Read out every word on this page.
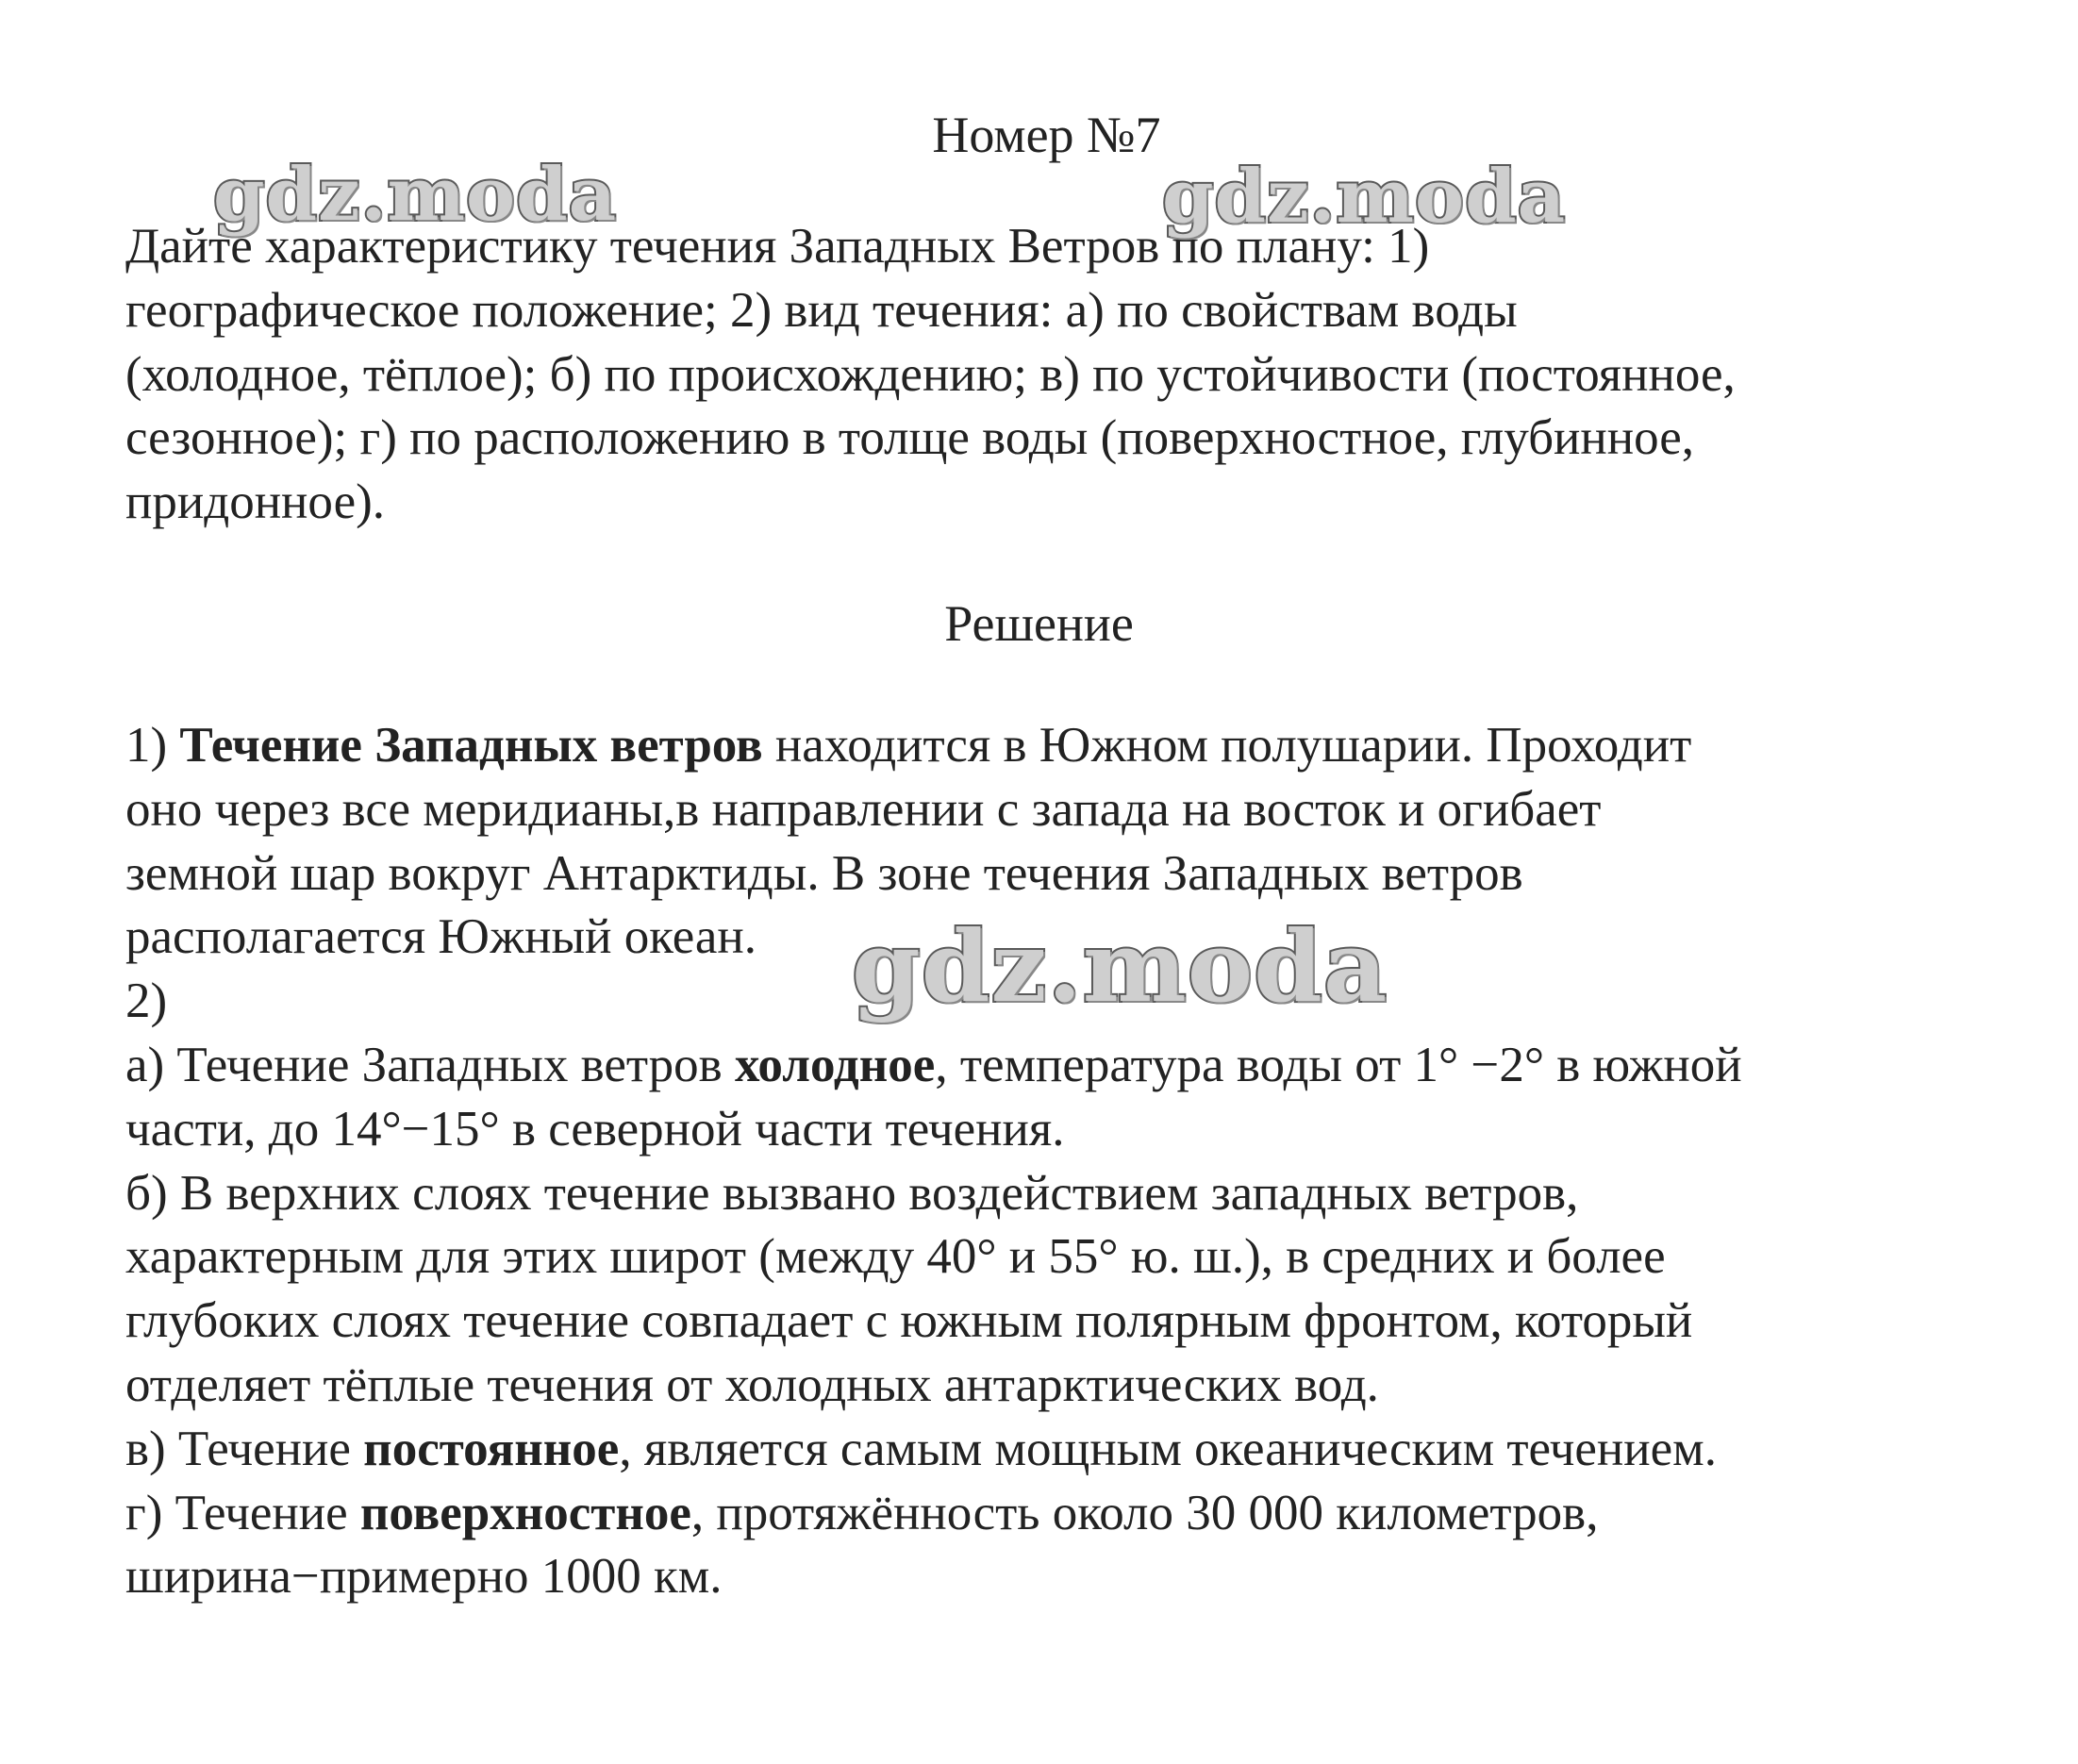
Номер №7
Дайте характеристику течения Западных Ветров по плану: 1)
географическое положение; 2) вид течения: а) по свойствам воды
(холодное, тёплое); б) по происхождению; в) по устойчивости (постоянное,
сезонное); г) по расположению в толще воды (поверхностное, глубинное,
придонное).
Решение
1) Течение Западных ветров находится в Южном полушарии. Проходит
оно через все меридианы,в направлении с запада на восток и огибает
земной шар вокруг Антарктиды. В зоне течения Западных ветров
располагается Южный океан.
2)
а) Течение Западных ветров холодное, температура воды от 1° −2° в южной
части, до 14°−15° в северной части течения.
б) В верхних слоях течение вызвано воздействием западных ветров,
характерным для этих широт (между 40° и 55° ю. ш.), в средних и более
глубоких слоях течение совпадает с южным полярным фронтом, который
отделяет тёплые течения от холодных антарктических вод.
в) Течение постоянное, является самым мощным океаническим течением.
г) Течение поверхностное, протяжённость около 30 000 километров,
ширина−примерно 1000 км.
gdz.moda	gdz.moda
gdz.moda
